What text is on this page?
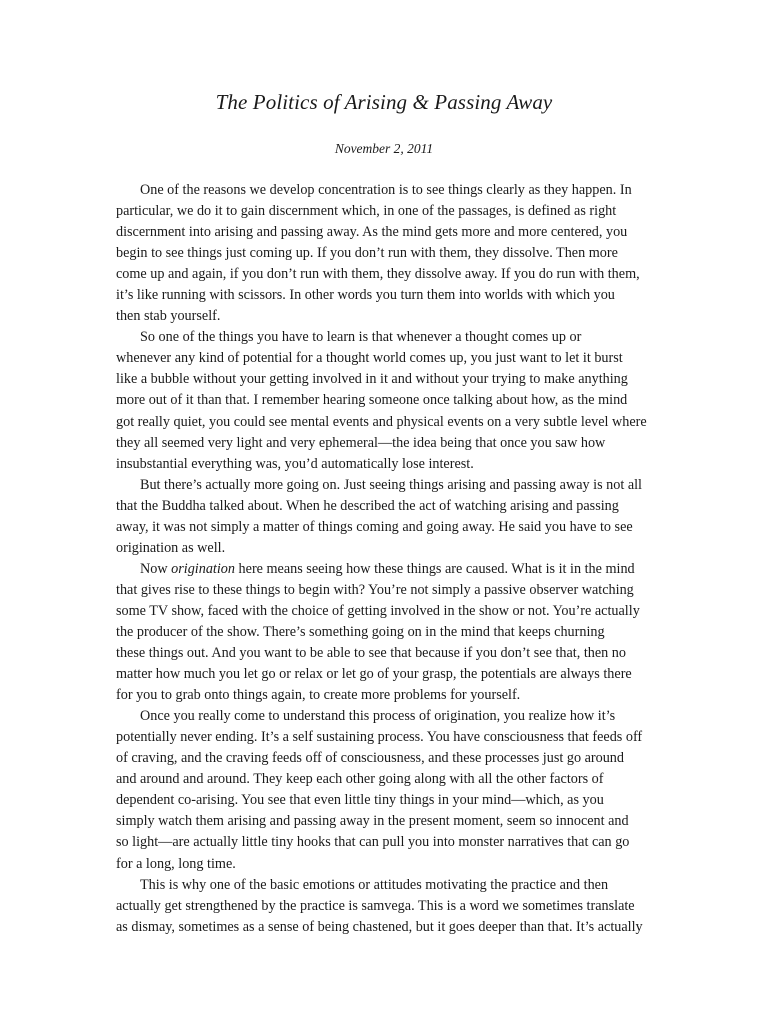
The Politics of Arising & Passing Away
November 2, 2011

One of the reasons we develop concentration is to see things clearly as they happen. In
particular, we do it to gain discernment which, in one of the passages, is defined as right
discernment into arising and passing away. As the mind gets more and more centered, you
begin to see things just coming up. If you don’t run with them, they dissolve. Then more
come up and again, if you don’t run with them, they dissolve away. If you do run with them,
it’s like running with scissors. In other words you turn them into worlds with which you
then stab yourself.

So one of the things you have to learn is that whenever a thought comes up or
whenever any kind of potential for a thought world comes up, you just want to let it burst
like a bubble without your getting involved in it and without your trying to make anything
more out of it than that. I remember hearing someone once talking about how, as the mind
got really quiet, you could see mental events and physical events on a very subtle level where
they all seemed very light and very ephemeral—the idea being that once you saw how
insubstantial everything was, you’d automatically lose interest.

But there’s actually more going on. Just seeing things arising and passing away is not all
that the Buddha talked about. When he described the act of watching arising and passing
away, it was not simply a matter of things coming and going away. He said you have to see
origination as well.

Now origination here means seeing how these things are caused. What is it in the mind
that gives rise to these things to begin with? You’re not simply a passive observer watching
some TV show, faced with the choice of getting involved in the show or not. You’re actually
the producer of the show. There’s something going on in the mind that keeps churning
these things out. And you want to be able to see that because if you don’t see that, then no
matter how much you let go or relax or let go of your grasp, the potentials are always there
for you to grab onto things again, to create more problems for yourself.

Once you really come to understand this process of origination, you realize how it’s
potentially never ending. It’s a self sustaining process. You have consciousness that feeds off
of craving, and the craving feeds off of consciousness, and these processes just go around
and around and around. They keep each other going along with all the other factors of
dependent co-arising. You see that even little tiny things in your mind—which, as you
simply watch them arising and passing away in the present moment, seem so innocent and
so light—are actually little tiny hooks that can pull you into monster narratives that can go
for a long, long time.

This is why one of the basic emotions or attitudes motivating the practice and then
actually get strengthened by the practice is samvega. This is a word we sometimes translate
as dismay, sometimes as a sense of being chastened, but it goes deeper than that. It’s actually
